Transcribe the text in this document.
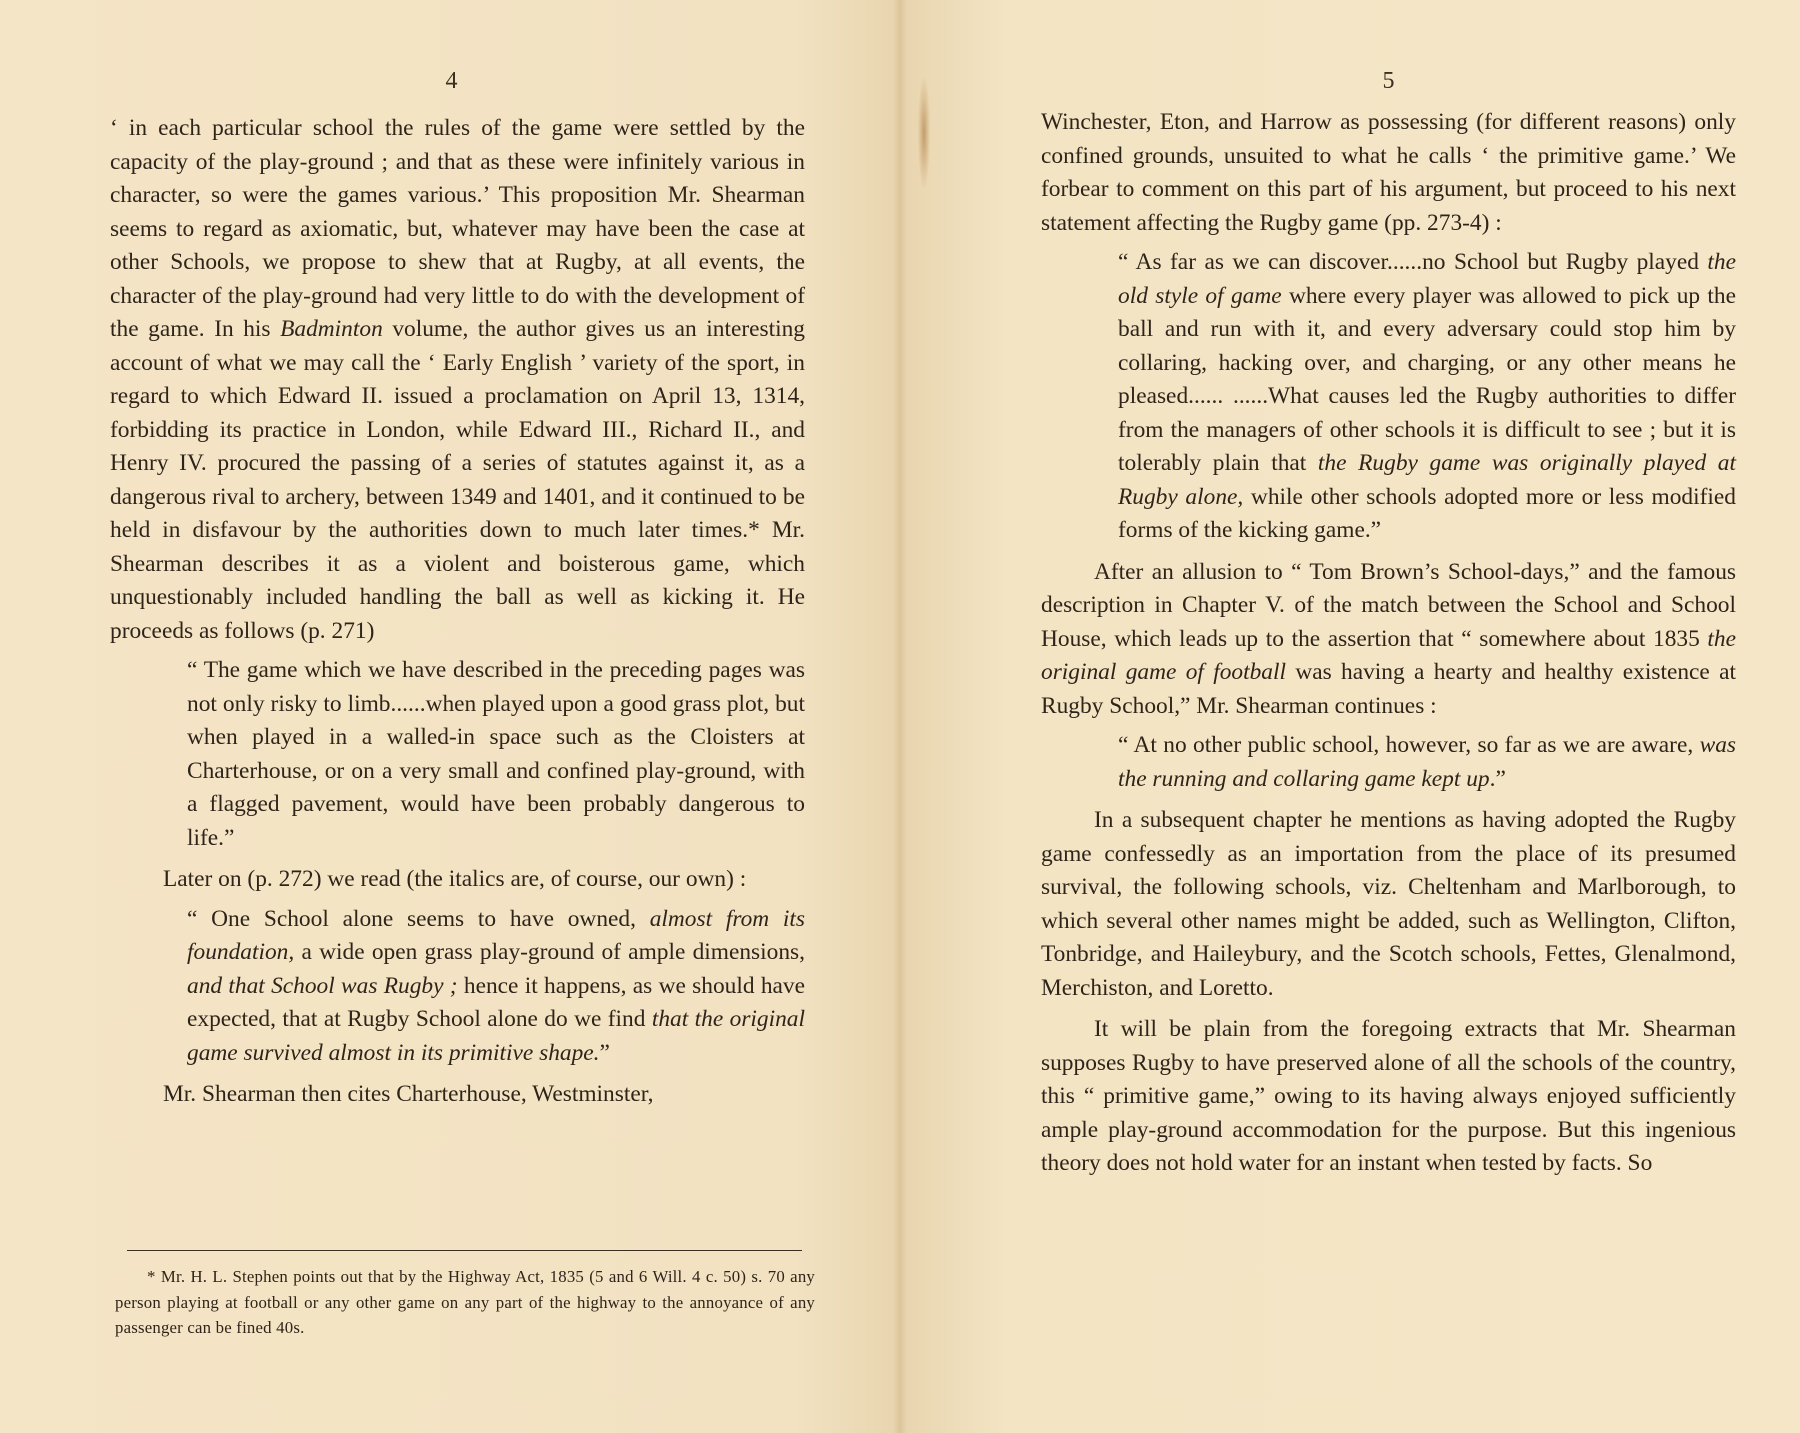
4

‘ in each particular school the rules of the game were settled by the capacity of the play-ground ; and that as these were infinitely various in character, so were the games various.’ This proposition Mr. Shearman seems to regard as axiomatic, but, whatever may have been the case at other Schools, we propose to shew that at Rugby, at all events, the character of the play-ground had very little to do with the development of the game. In his Badminton volume, the author gives us an interesting account of what we may call the ‘ Early English ’ variety of the sport, in regard to which Edward II. issued a proclamation on April 13, 1314, forbidding its practice in London, while Edward III., Richard II., and Henry IV. procured the passing of a series of statutes against it, as a dangerous rival to archery, between 1349 and 1401, and it continued to be held in disfavour by the authorities down to much later times.* Mr. Shearman describes it as a violent and boisterous game, which unquestionably included handling the ball as well as kicking it. He proceeds as follows (p. 271)

“ The game which we have described in the preceding pages was not only risky to limb......when played upon a good grass plot, but when played in a walled-in space such as the Cloisters at Charterhouse, or on a very small and confined play-ground, with a flagged pavement, would have been probably dangerous to life.”

Later on (p. 272) we read (the italics are, of course, our own) :

“ One School alone seems to have owned, almost from its foundation, a wide open grass play-ground of ample dimensions, and that School was Rugby ; hence it happens, as we should have expected, that at Rugby School alone do we find that the original game survived almost in its primitive shape.”

Mr. Shearman then cites Charterhouse, Westminster,

* Mr. H. L. Stephen points out that by the Highway Act, 1835 (5 and 6 Will. 4 c. 50) s. 70 any person playing at football or any other game on any part of the highway to the annoyance of any passenger can be fined 40s.

5

Winchester, Eton, and Harrow as possessing (for different reasons) only confined grounds, unsuited to what he calls ‘ the primitive game.’ We forbear to comment on this part of his argument, but proceed to his next statement affecting the Rugby game (pp. 273-4) :

“ As far as we can discover......no School but Rugby played the old style of game where every player was allowed to pick up the ball and run with it, and every adversary could stop him by collaring, hacking over, and charging, or any other means he pleased...... ......What causes led the Rugby authorities to differ from the managers of other schools it is difficult to see ; but it is tolerably plain that the Rugby game was originally played at Rugby alone, while other schools adopted more or less modified forms of the kicking game.”

After an allusion to “ Tom Brown’s School-days,” and the famous description in Chapter V. of the match between the School and School House, which leads up to the assertion that “ somewhere about 1835 the original game of football was having a hearty and healthy existence at Rugby School,” Mr. Shearman continues :

“ At no other public school, however, so far as we are aware, was the running and collaring game kept up.”

In a subsequent chapter he mentions as having adopted the Rugby game confessedly as an importation from the place of its presumed survival, the following schools, viz. Cheltenham and Marlborough, to which several other names might be added, such as Wellington, Clifton, Tonbridge, and Haileybury, and the Scotch schools, Fettes, Glenalmond, Merchiston, and Loretto.

It will be plain from the foregoing extracts that Mr. Shearman supposes Rugby to have preserved alone of all the schools of the country, this “ primitive game,” owing to its having always enjoyed sufficiently ample play-ground accommodation for the purpose. But this ingenious theory does not hold water for an instant when tested by facts. So
